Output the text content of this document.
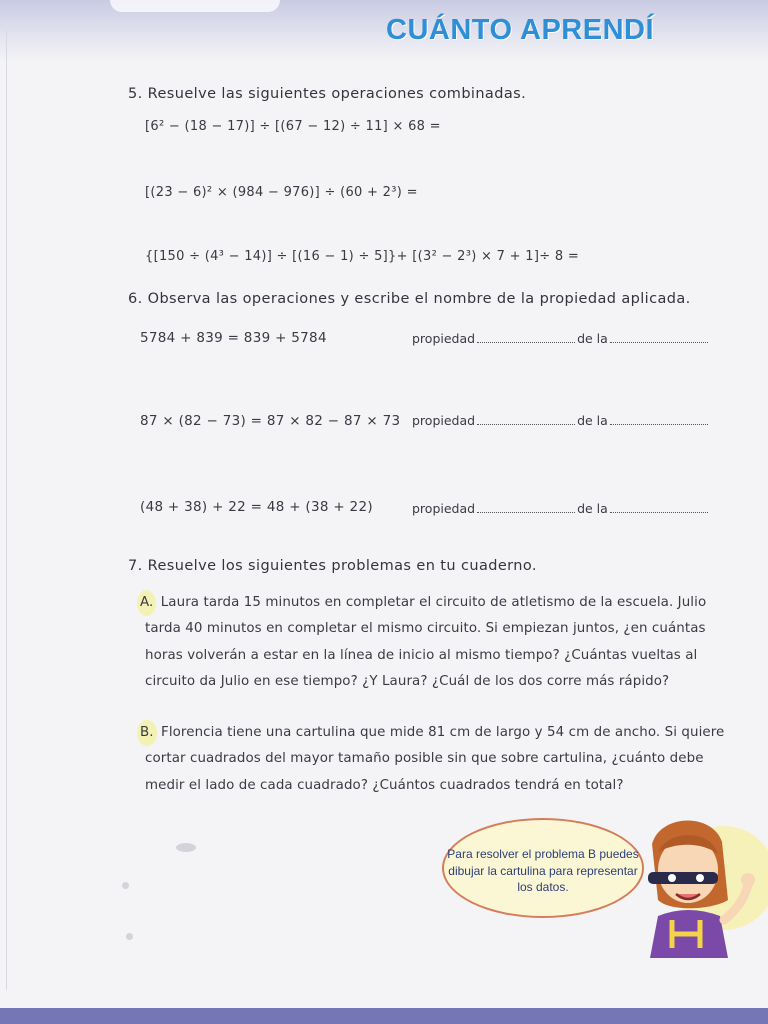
CUÁNTO APRENDÍ
5. Resuelve las siguientes operaciones combinadas.
[6² − (18 − 17)] ÷ [(67 − 12) ÷ 11] × 68 =
[(23 − 6)² × (984 − 976)] ÷ (60 + 2³) =
{[150 ÷ (4³ − 14)] ÷ [(16 − 1) ÷ 5]}+ [(3² − 2³) × 7 + 1]÷ 8 =
6. Observa las operaciones y escribe el nombre de la propiedad aplicada.
5784 + 839 = 839 + 5784	propiedad	de la
87 × (82 − 73) = 87 × 82 − 87 × 73 propiedad	de la
(48 + 38) + 22 = 48 + (38 + 22)	propiedad	de la
7. Resuelve los siguientes problemas en tu cuaderno.

A. Laura tarda 15 minutos en completar el circuito de atletismo de la escuela. Julio tarda 40 minutos en completar el mismo circuito. Si empiezan juntos, ¿en cuántas horas volverán a estar en la línea de inicio al mismo tiempo? ¿Cuántas vueltas al circuito da Julio en ese tiempo? ¿Y Laura? ¿Cuál de los dos corre más rápido?

B. Florencia tiene una cartulina que mide 81 cm de largo y 54 cm de ancho. Si quiere cortar cuadrados del mayor tamaño posible sin que sobre cartulina, ¿cuánto debe medir el lado de cada cuadrado? ¿Cuántos cuadrados tendrá en total?

Para resolver el problema B puedes dibujar la cartulina para representar los datos.
